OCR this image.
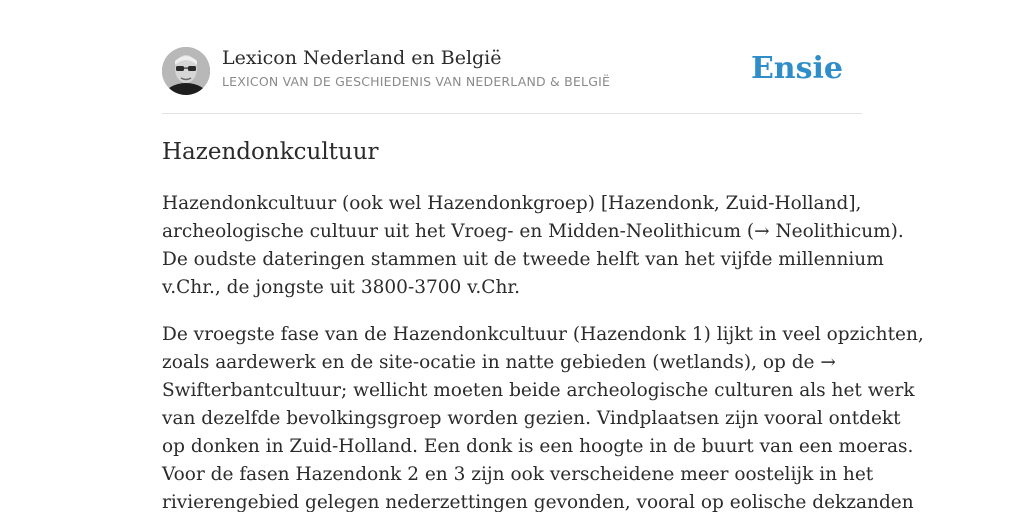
Lexicon Nederland en België
LEXICON VAN DE GESCHIEDENIS VAN NEDERLAND & BELGIË	Ensie
Hazendonkcultuur

Hazendonkcultuur (ook wel Hazendonkgroep) [Hazendonk, Zuid-Holland],
archeologische cultuur uit het Vroeg- en Midden-Neolithicum (→ Neolithicum).
De oudste dateringen stammen uit de tweede helft van het vijfde millennium
v.Chr., de jongste uit 3800-3700 v.Chr.

De vroegste fase van de Hazendonkcultuur (Hazendonk 1) lijkt in veel opzichten,
zoals aardewerk en de site-ocatie in natte gebieden (wetlands), op de →
Swifterbantcultuur; wellicht moeten beide archeologische culturen als het werk
van dezelfde bevolkingsgroep worden gezien. Vindplaatsen zijn vooral ontdekt
op donken in Zuid-Holland. Een donk is een hoogte in de buurt van een moeras.
Voor de fasen Hazendonk 2 en 3 zijn ook verscheidene meer oostelijk in het
rivierengebied gelegen nederzettingen gevonden, vooral op eolische dekzanden
